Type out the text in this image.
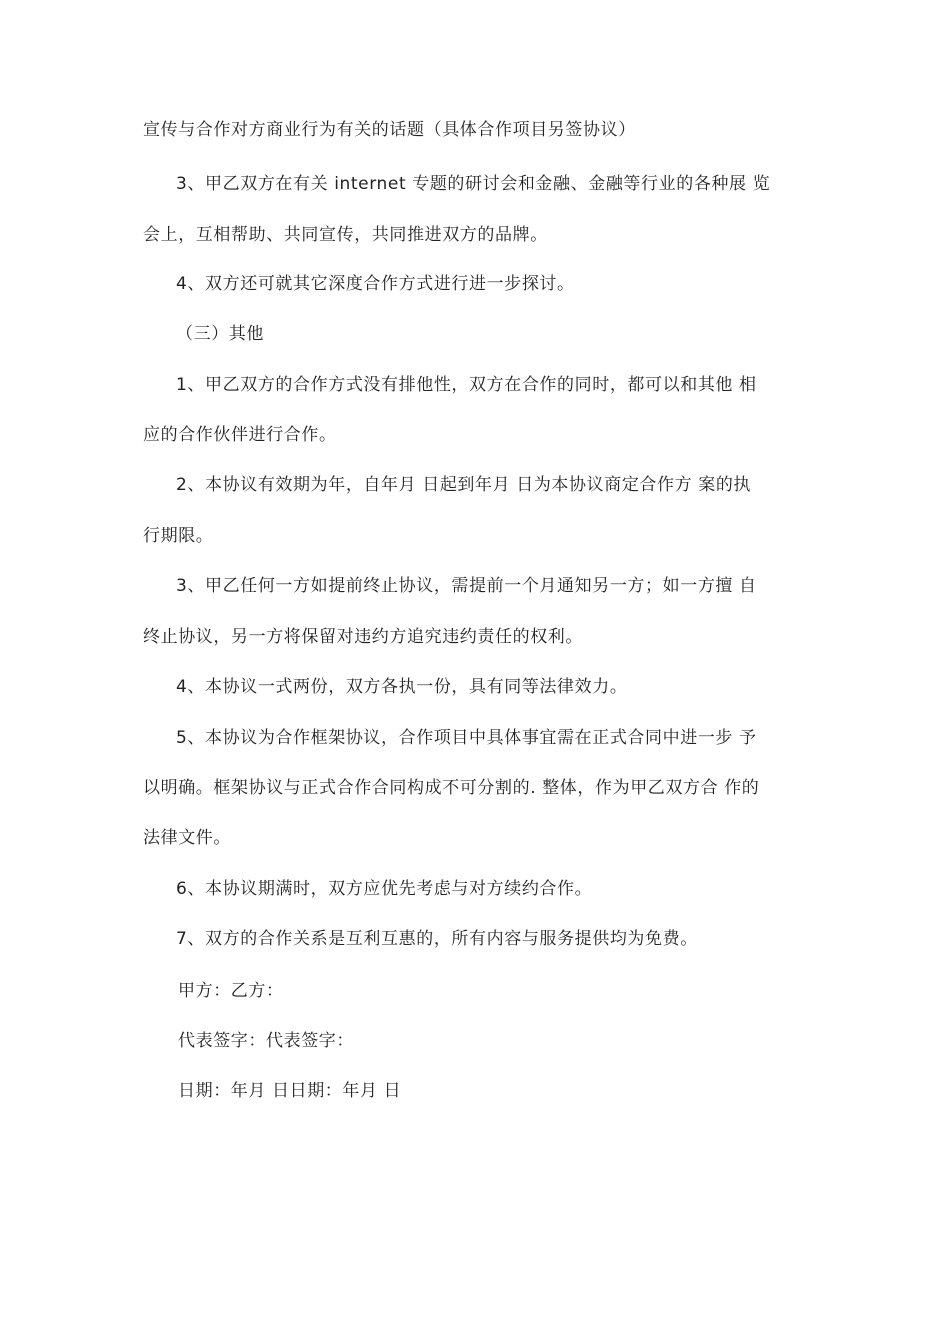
宣传与合作对方商业行为有关的话题（具体合作项目另签协议）
3、甲乙双方在有关 internet 专题的研讨会和金融、金融等行业的各种展 览
会上，互相帮助、共同宣传，共同推进双方的品牌。
4、双方还可就其它深度合作方式进行进一步探讨。
（三）其他
1、甲乙双方的合作方式没有排他性，双方在合作的同时，都可以和其他 相
应的合作伙伴进行合作。
2、本协议有效期为年，自年月 日起到年月 日为本协议商定合作方 案的执
行期限。
3、甲乙任何一方如提前终止协议，需提前一个月通知另一方；如一方擅 自
终止协议，另一方将保留对违约方追究违约责任的权利。
4、本协议一式两份，双方各执一份，具有同等法律效力。
5、本协议为合作框架协议，合作项目中具体事宜需在正式合同中进一步 予
以明确。框架协议与正式合作合同构成不可分割的. 整体，作为甲乙双方合 作的
法律文件。
6、本协议期满时，双方应优先考虑与对方续约合作。
7、双方的合作关系是互利互惠的，所有内容与服务提供均为免费。
甲方：乙方：
代表签字：代表签字：
日期：年月 日日期：年月 日
